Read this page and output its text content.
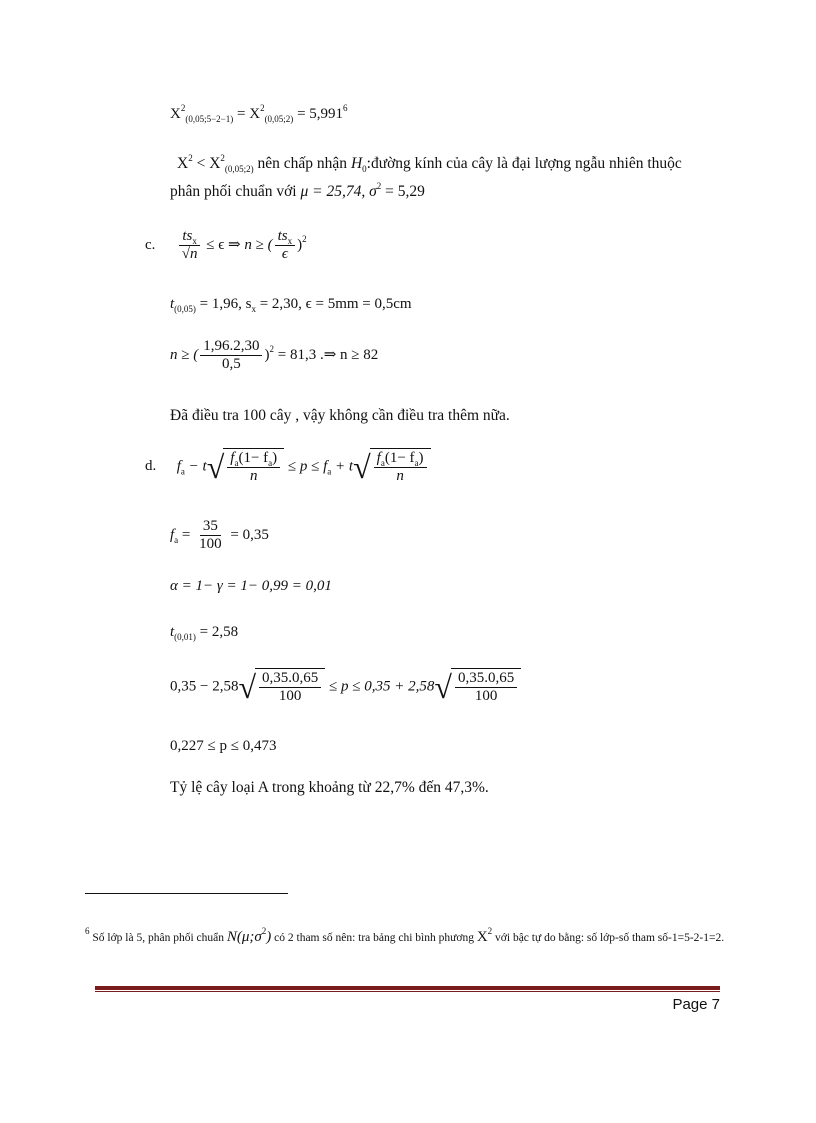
$X^2_{(0,05;5-2-1)} = X^2_{(0,05;2)} = 5,991^6$
$X^2 < X^2_{(0,05;2)}$ nên chấp nhận $H_0:đường$ kính của cây là đại lượng ngẫu nhiên thuộc
phân phối chuẩn với μ = 25,74, $\sigma^2 = 5,29$
c. $\frac{ts_x}{√n} \le \epsilon$ ⇒ n ≥ ( $\frac{ts_x}{\epsilon} )^2$
$t_{(0,05)} = 1,96$, $s_x = 2,30$, ϵ = 5mm = 0,5cm
n ≥ ( $\frac{1,96.2,30}{0,5} )^2 = 81,3$ .⇒ n ≥ 82
Đã điều tra 100 cây , vậy không cần điều tra thêm nữa.
d. $f_a - t$ √ $\frac{f_a(1- f_a)}{n} \le p \le f_a + t$ √ $\frac{f_a(1- f_a)}{n}$
$f_a = \frac{35}{100} = 0,35$
α = 1− γ = 1− 0,99 = 0,01
$t_{(0,01)} = 2,58$
0,35 − 2,58 √ $\frac{0,35.0,65}{100} \le p \le 0,35 + 2,58$ √ $\frac{0,35.0,65}{100}$
0,227 ≤ p ≤ 0,473
Tỷ lệ cây loại A trong khoảng từ 22,7% đến 47,3%.
$^6$ Số lớp là 5, phân phối chuẩn $N(\mu;\sigma^2)$ có 2 tham số nên: tra bảng chi bình phương $X^2$ với bậc tự do bằng: số lớp-số tham số-1=5-2-1=2.
Page 7
